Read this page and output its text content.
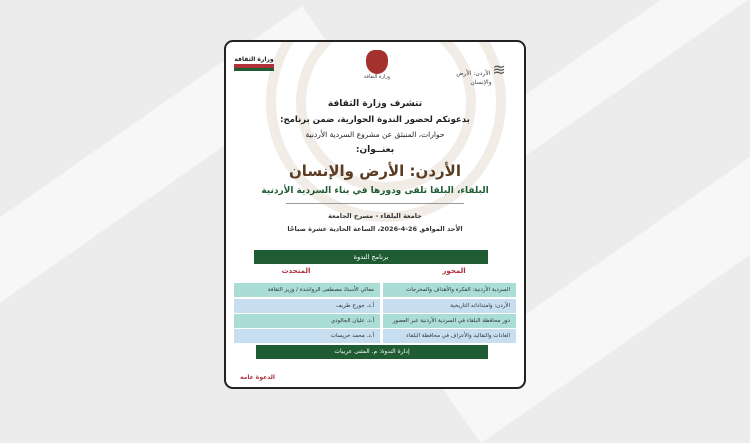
≋ الأردن: الأرض والإنسان
وزارة الثقافة
وزارة الثقافة
تتشرف وزارة الثقافة
بدعوتكم لحضور الندوة الحوارية، ضمن برنامج:
حوارات، المنبثق عن مشروع السردية الأردنية
بعنــوان:
الأردن: الأرض والإنسان
البلقاء، البلقا تلقى ودورها في بناء السردية الأردنية
جامعة البلقاء - مسرح الجامعة
الأحد الموافق 26-4-2026، الساعة الحادية عشرة صباحًا
برنامج الندوة
المحور
المتحدث
السردية الأردنية: الفكرة والأهداف والمخرجات
معالي الأستاذ مصطفى الرواشدة / وزير الثقافة
الأردن: وامتداداته التاريخية
أ.د. جورج طريف
دور محافظة البلقاء في السردية الأردنية عبر العصور
أ.د. عليان الجالودي
العادات والتقاليد والأعراف في محافظة البلقاء
أ.د. محمد خريسات
إدارة الندوة: م. المثنى عربيات
الدعوة عامة
